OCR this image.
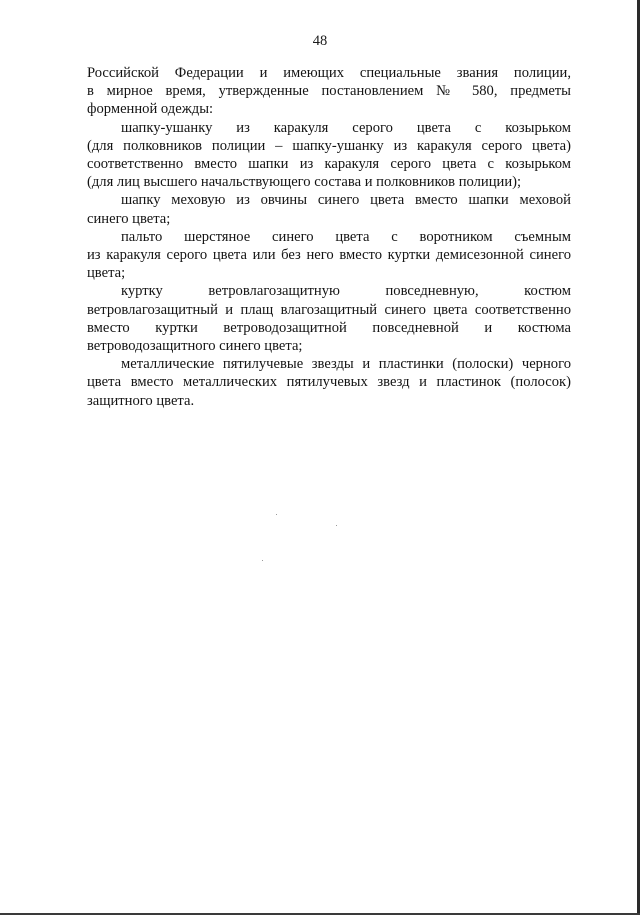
48

Российской Федерации и имеющих специальные звания полиции,
в мирное время, утвержденные постановлением № 580, предметы
форменной одежды:

шапку-ушанку из каракуля серого цвета с козырьком
(для полковников полиции – шапку-ушанку из каракуля серого цвета)
соответственно вместо шапки из каракуля серого цвета с козырьком
(для лиц высшего начальствующего состава и полковников полиции);

шапку меховую из овчины синего цвета вместо шапки меховой
синего цвета;

пальто шерстяное синего цвета с воротником съемным
из каракуля серого цвета или без него вместо куртки демисезонной синего
цвета;

куртку ветровлагозащитную повседневную, костюм
ветровлагозащитный и плащ влагозащитный синего цвета соответственно
вместо куртки ветроводозащитной повседневной и костюма
ветроводозащитного синего цвета;

металлические пятилучевые звезды и пластинки (полоски) черного
цвета вместо металлических пятилучевых звезд и пластинок (полосок)
защитного цвета.
